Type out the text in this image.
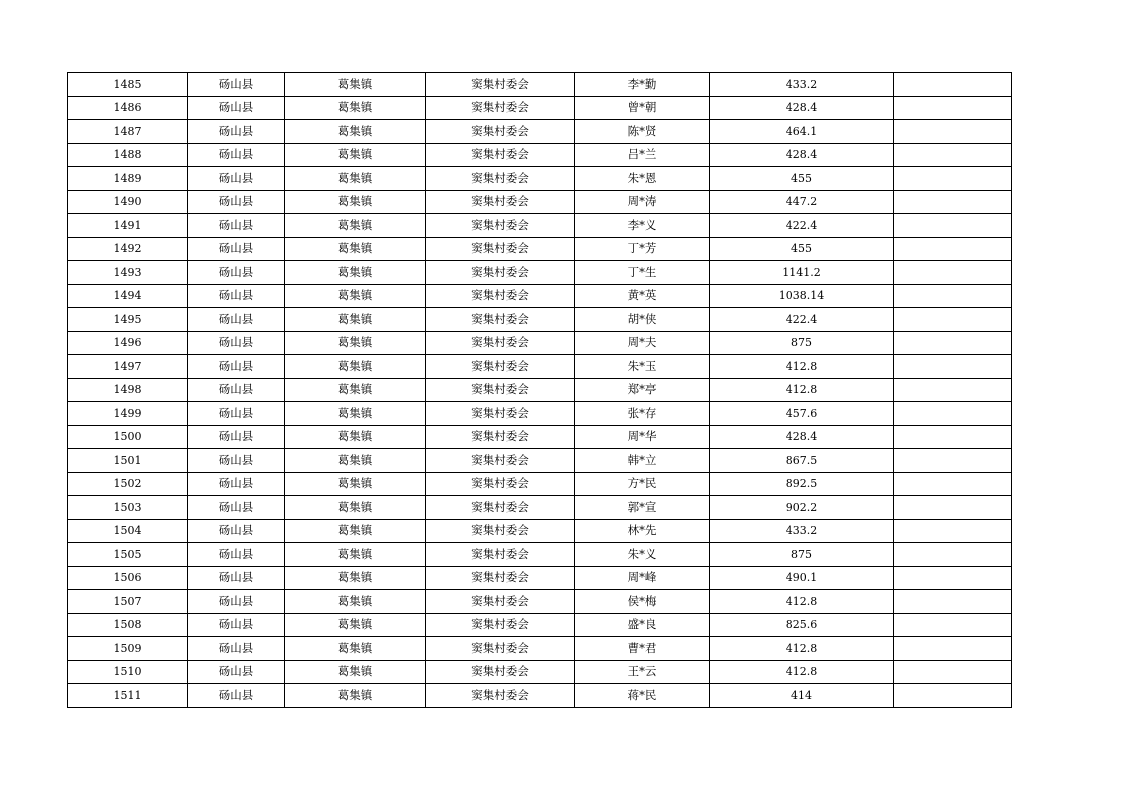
1485	砀山县	葛集镇	窦集村委会	李*勤	433.2	
1486	砀山县	葛集镇	窦集村委会	曾*朝	428.4	
1487	砀山县	葛集镇	窦集村委会	陈*贤	464.1	
1488	砀山县	葛集镇	窦集村委会	吕*兰	428.4	
1489	砀山县	葛集镇	窦集村委会	朱*恩	455	
1490	砀山县	葛集镇	窦集村委会	周*涛	447.2	
1491	砀山县	葛集镇	窦集村委会	李*义	422.4	
1492	砀山县	葛集镇	窦集村委会	丁*芳	455	
1493	砀山县	葛集镇	窦集村委会	丁*生	1141.2	
1494	砀山县	葛集镇	窦集村委会	黄*英	1038.14	
1495	砀山县	葛集镇	窦集村委会	胡*侠	422.4	
1496	砀山县	葛集镇	窦集村委会	周*夫	875	
1497	砀山县	葛集镇	窦集村委会	朱*玉	412.8	
1498	砀山县	葛集镇	窦集村委会	郑*亭	412.8	
1499	砀山县	葛集镇	窦集村委会	张*存	457.6	
1500	砀山县	葛集镇	窦集村委会	周*华	428.4	
1501	砀山县	葛集镇	窦集村委会	韩*立	867.5	
1502	砀山县	葛集镇	窦集村委会	方*民	892.5	
1503	砀山县	葛集镇	窦集村委会	郭*宣	902.2	
1504	砀山县	葛集镇	窦集村委会	林*先	433.2	
1505	砀山县	葛集镇	窦集村委会	朱*义	875	
1506	砀山县	葛集镇	窦集村委会	周*峰	490.1	
1507	砀山县	葛集镇	窦集村委会	侯*梅	412.8	
1508	砀山县	葛集镇	窦集村委会	盛*良	825.6	
1509	砀山县	葛集镇	窦集村委会	曹*君	412.8	
1510	砀山县	葛集镇	窦集村委会	王*云	412.8	
1511	砀山县	葛集镇	窦集村委会	蒋*民	414	
